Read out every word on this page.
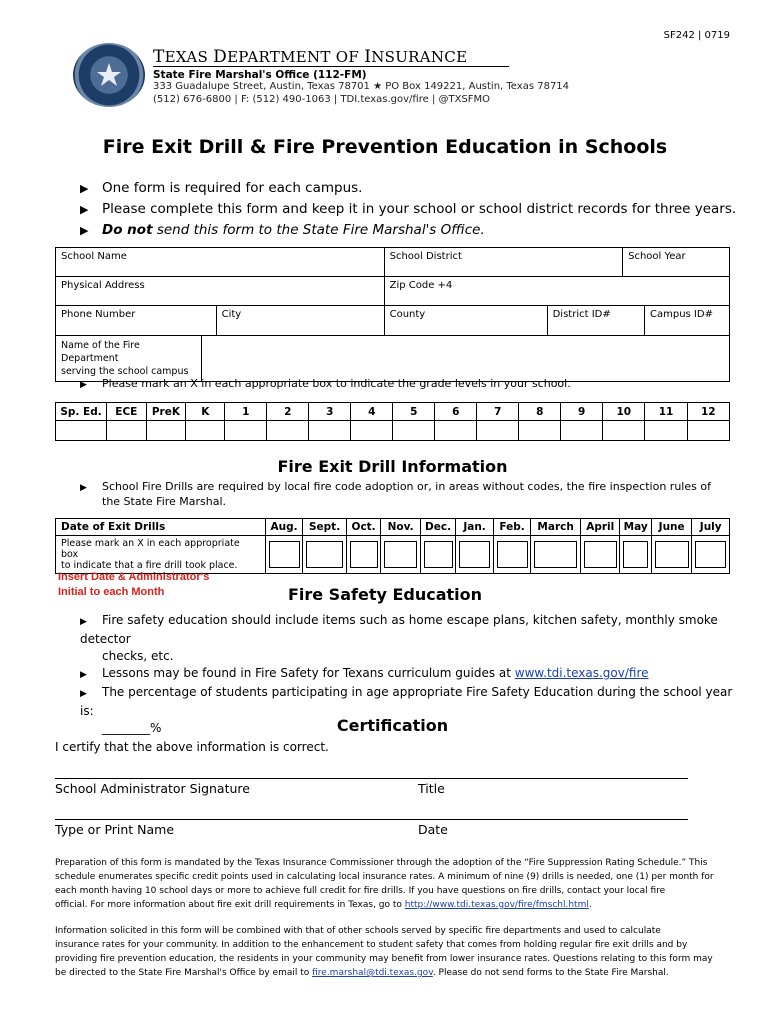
SF242 | 0719
TEXAS DEPARTMENT OF INSURANCE
State Fire Marshal's Office (112-FM)
333 Guadalupe Street, Austin, Texas 78701 ★ PO Box 149221, Austin, Texas 78714
(512) 676-6800 | F: (512) 490-1063 | TDI.texas.gov/fire | @TXSFMO
Fire Exit Drill & Fire Prevention Education in Schools
▶ One form is required for each campus.
▶ Please complete this form and keep it in your school or school district records for three years.
▶ Do not send this form to the State Fire Marshal's Office.
School Name			School District		School Year	
Physical Address			Zip Code +4			
Phone Number		City	County	District ID#		Campus ID#
Name of the Fire Department
serving the school campus						
▶ Please mark an X in each appropriate box to indicate the grade levels in your school.
Sp. Ed.	ECE	PreK	K	1	2	3	4	5	6	7	8	9	10	11	12

Fire Exit Drill Information
▶ School Fire Drills are required by local fire code adoption or, in areas without codes, the fire inspection rules of
the State Fire Marshal.
Date of Exit Drills	Aug.	Sept.	Oct.	Nov.	Dec.	Jan.	Feb.	March	April	May	June	July
Please mark an X in each appropriate box
to indicate that a fire drill took place.	

Insert Date & Administrator's
Initial to each Month	Fire Safety Education
▶ Fire safety education should include items such as home escape plans, kitchen safety, monthly smoke detector
checks, etc.
▶ Lessons may be found in Fire Safety for Texans curriculum guides at www.tdi.texas.gov/fire
▶ The percentage of students participating in age appropriate Fire Safety Education during the school year is:
________%	Certification
I certify that the above information is correct.
School Administrator Signature	Title
Type or Print Name	Date
Preparation of this form is mandated by the Texas Insurance Commissioner through the adoption of the “Fire Suppression Rating Schedule.” This
schedule enumerates specific credit points used in calculating local insurance rates. A minimum of nine (9) drills is needed, one (1) per month for
each month having 10 school days or more to achieve full credit for fire drills. If you have questions on fire drills, contact your local fire
official. For more information about fire exit drill requirements in Texas, go to http://www.tdi.texas.gov/fire/fmschl.html.
Information solicited in this form will be combined with that of other schools served by specific fire departments and used to calculate
insurance rates for your community. In addition to the enhancement to student safety that comes from holding regular fire exit drills and by
providing fire prevention education, the residents in your community may benefit from lower insurance rates. Questions relating to this form may
be directed to the State Fire Marshal's Office by email to fire.marshal@tdi.texas.gov. Please do not send forms to the State Fire Marshal.
